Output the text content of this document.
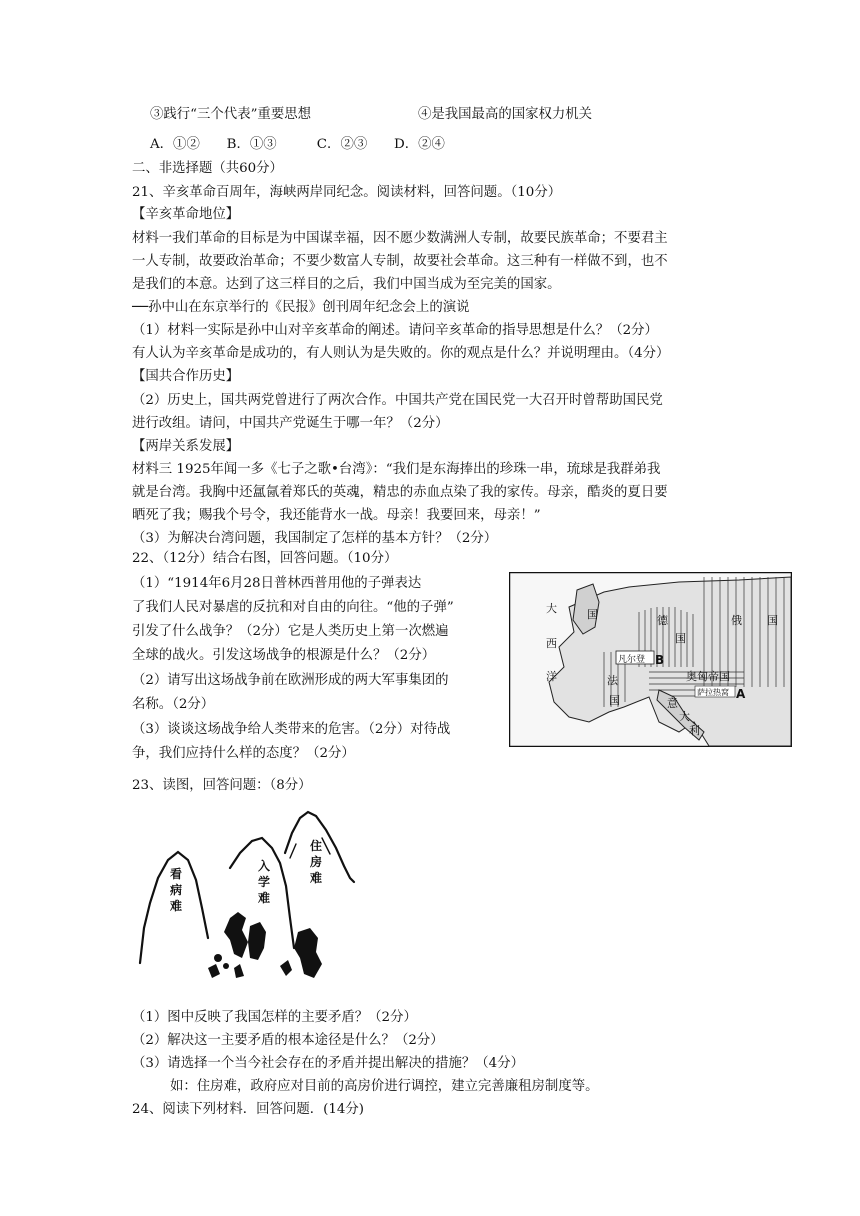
③践行“三个代表”重要思想	④是我国最高的国家权力机关
A．①②　　B．①③　　　C．②③　　D．②④
二、非选择题（共60分）
21、辛亥革命百周年，海峡两岸同纪念。阅读材料，回答问题。（10分）
【辛亥革命地位】
材料一我们革命的目标是为中国谋幸福，因不愿少数满洲人专制，故要民族革命；不要君主
一人专制，故要政治革命；不要少数富人专制，故要社会革命。这三种有一样做不到，也不
是我们的本意。达到了这三样目的之后，我们中国当成为至完美的国家。
──孙中山在东京举行的《民报》创刊周年纪念会上的演说
（1）材料一实际是孙中山对辛亥革命的阐述。请问辛亥革命的指导思想是什么？（2分）
有人认为辛亥革命是成功的，有人则认为是失败的。你的观点是什么？并说明理由。（4分）
【国共合作历史】
（2）历史上，国共两党曾进行了两次合作。中国共产党在国民党一大召开时曾帮助国民党
进行改组。请问，中国共产党诞生于哪一年？（2分）
【两岸关系发展】
材料三 1925年闻一多《七子之歌•台湾》：“我们是东海捧出的珍珠一串，琉球是我群弟我
就是台湾。我胸中还氲氤着郑氏的英魂，精忠的赤血点染了我的家传。母亲，酷炎的夏日要
晒死了我；赐我个号令，我还能背水一战。母亲！我要回来，母亲！”
（3）为解决台湾问题，我国制定了怎样的基本方针？（2分）
22、（12分）结合右图，回答问题。（10分）
（1）“1914年6月28日普林西普用他的子弹表达
了我们人民对暴虐的反抗和对自由的向往。“他的子弹”
引发了什么战争？（2分）它是人类历史上第一次燃遍
全球的战火。引发这场战争的根源是什么？（2分）
（2）请写出这场战争前在欧洲形成的两大军事集团的
名称。（2分）
（3）谈谈这场战争给人类带来的危害。（2分）对待战
争，我们应持什么样的态度？（2分）
大
西
洋
国	德
国
俄 国
凡尔登 B
法
国
奥匈帝国
萨拉热窝 A
意
大
利
23、读图，回答问题：（8分）
看
病
难
入
学
难
住
房
难
（1）图中反映了我国怎样的主要矛盾？（2分）
（2）解决这一主要矛盾的根本途径是什么？（2分）
（3）请选择一个当今社会存在的矛盾并提出解决的措施？（4分）
如：住房难，政府应对目前的高房价进行调控，建立完善廉租房制度等。
24、阅读下列材料．回答问题．(14分)
